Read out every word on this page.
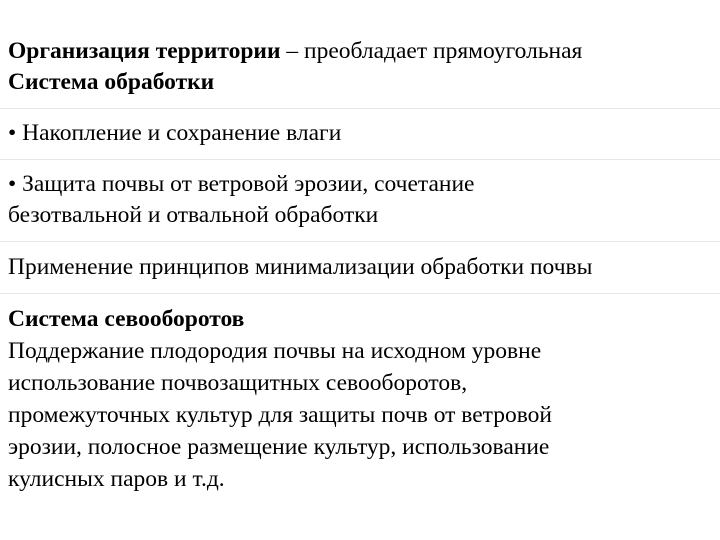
Организация территории – преобладает прямоугольная
Система обработки
• Накопление и сохранение влаги
• Защита почвы от ветровой эрозии, сочетание
безотвальной и отвальной обработки
Применение принципов минимализации обработки почвы
Система севооборотов
Поддержание плодородия почвы на исходном уровне
использование почвозащитных севооборотов,
промежуточных культур для защиты почв от ветровой
эрозии, полосное размещение культур, использование
кулисных паров и т.д.
